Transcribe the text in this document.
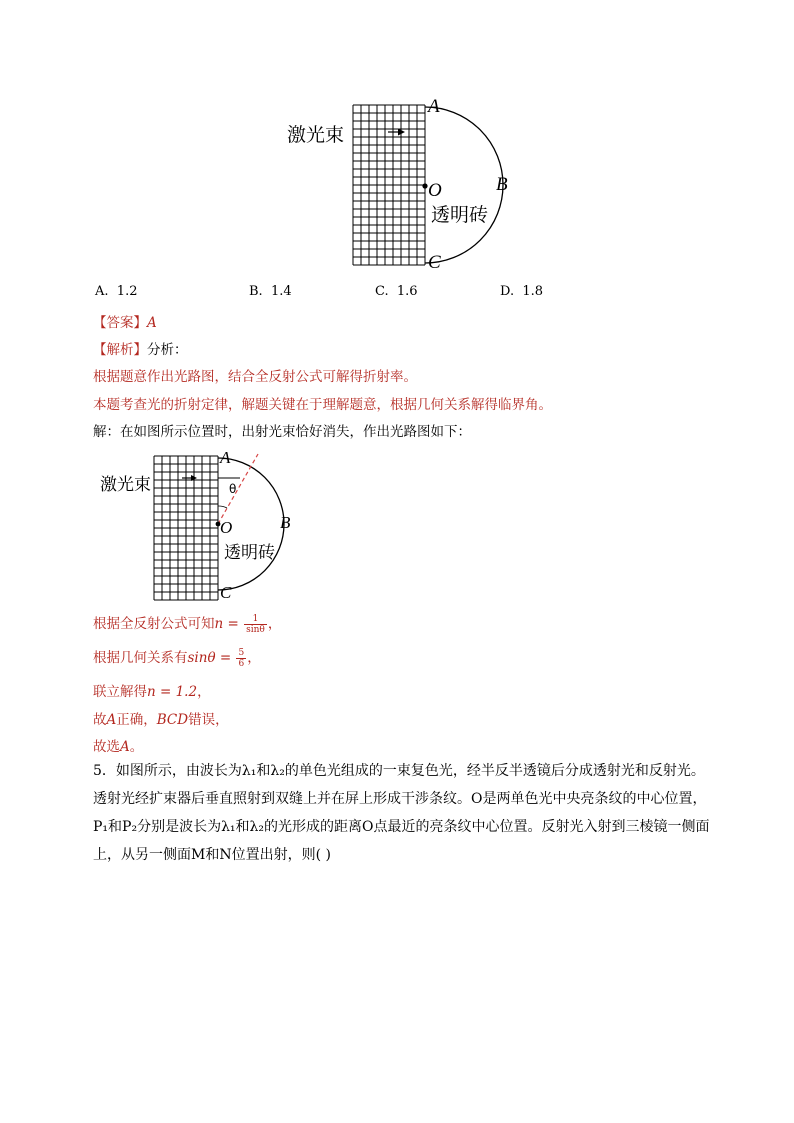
激光束
A
B
O
C
透明砖
A. 1.2	B. 1.4	C. 1.6	D. 1.8
【答案】A
【解析】分析：
根据题意作出光路图，结合全反射公式可解得折射率。
本题考查光的折射定律，解题关键在于理解题意，根据几何关系解得临界角。
解：在如图所示位置时，出射光束恰好消失，作出光路图如下：
激光束
A
θ
B
O
透明砖
C
根据全反射公式可知$n = \frac{1}{\sin\theta}$ ，
根据几何关系有$\sin\theta = \frac{5}{6}$ ，
联立解得n = 1.2，
故A正确，BCD错误，
故选A。
5．如图所示，由波长为λ₁和λ₂的单色光组成的一束复色光，经半反半透镜后分成透射光和反射光。
透射光经扩束器后垂直照射到双缝上并在屏上形成干涉条纹。O是两单色光中央亮条纹的中心位置，
P₁和P₂分别是波长为λ₁和λ₂的光形成的距离O点最近的亮条纹中心位置。反射光入射到三棱镜一侧面
上，从另一侧面M和N位置出射，则( )
